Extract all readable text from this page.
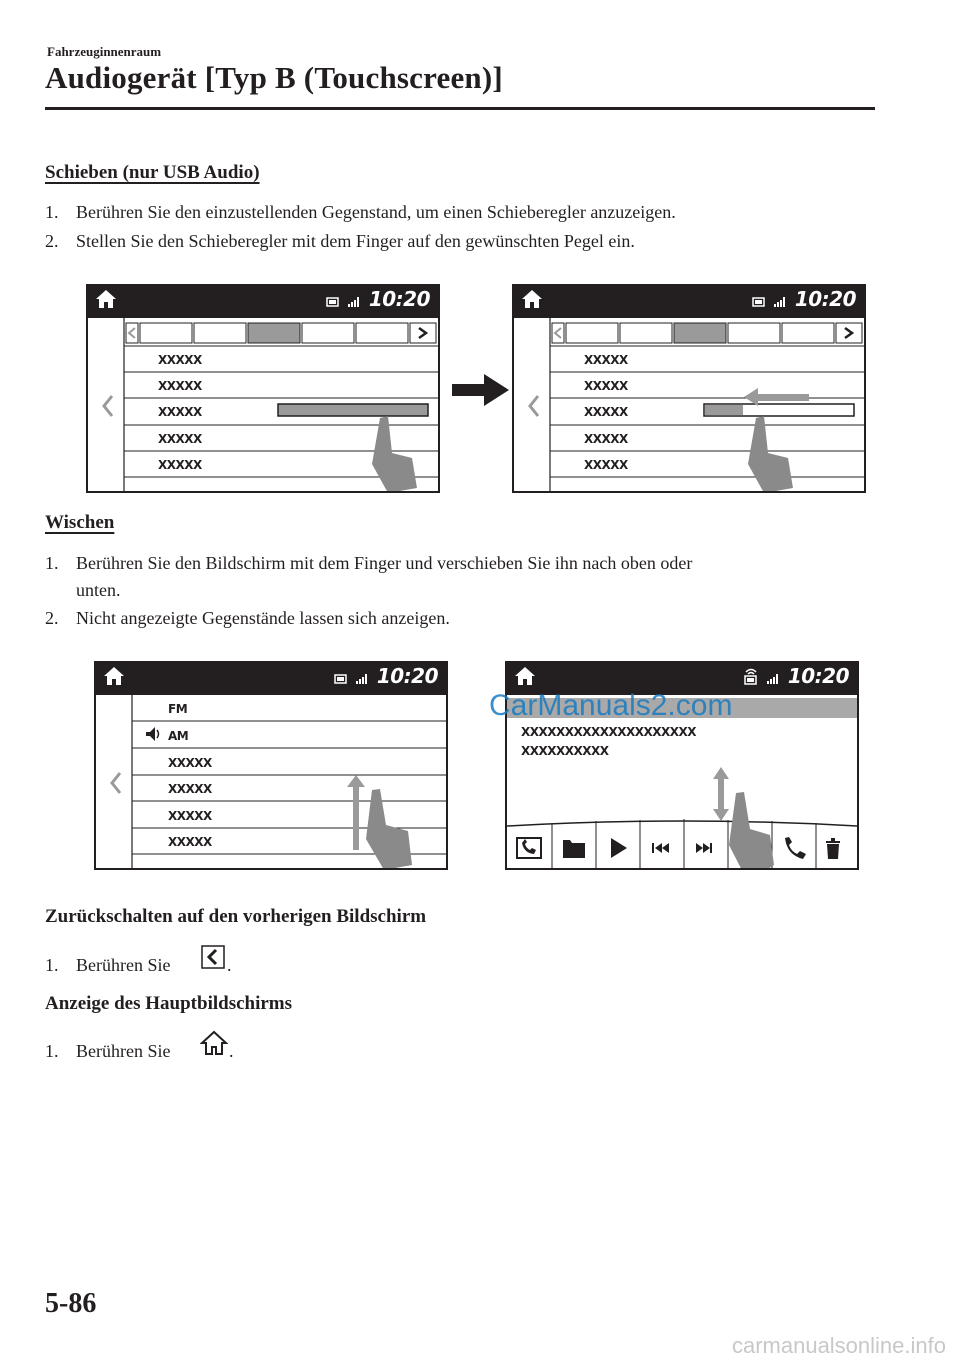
Fahrzeuginnenraum
Audiogerät [Typ B (Touchscreen)]
Schieben (nur USB Audio)
1. Berühren Sie den einzustellenden Gegenstand, um einen Schieberegler anzuzeigen.
2. Stellen Sie den Schieberegler mit dem Finger auf den gewünschten Pegel ein.
10:20
XXXXX
XXXXX
XXXXX
XXXXX
XXXXX
10:20
XXXXX
XXXXX
XXXXX
XXXXX
XXXXX
Wischen
1. Berühren Sie den Bildschirm mit dem Finger und verschieben Sie ihn nach oben oder
unten.
2. Nicht angezeigte Gegenstände lassen sich anzeigen.
10:20
FM
AM
XXXXX
XXXXX
XXXXX
XXXXX
10:20
XXXXXXXXXXXXXXXXXXXX
XXXXXXXXXX
CarManuals2.com
Zurückschalten auf den vorherigen Bildschirm
1. Berühren Sie	.
Anzeige des Hauptbildschirms
1. Berühren Sie	.
5-86
carmanualsonline.info
